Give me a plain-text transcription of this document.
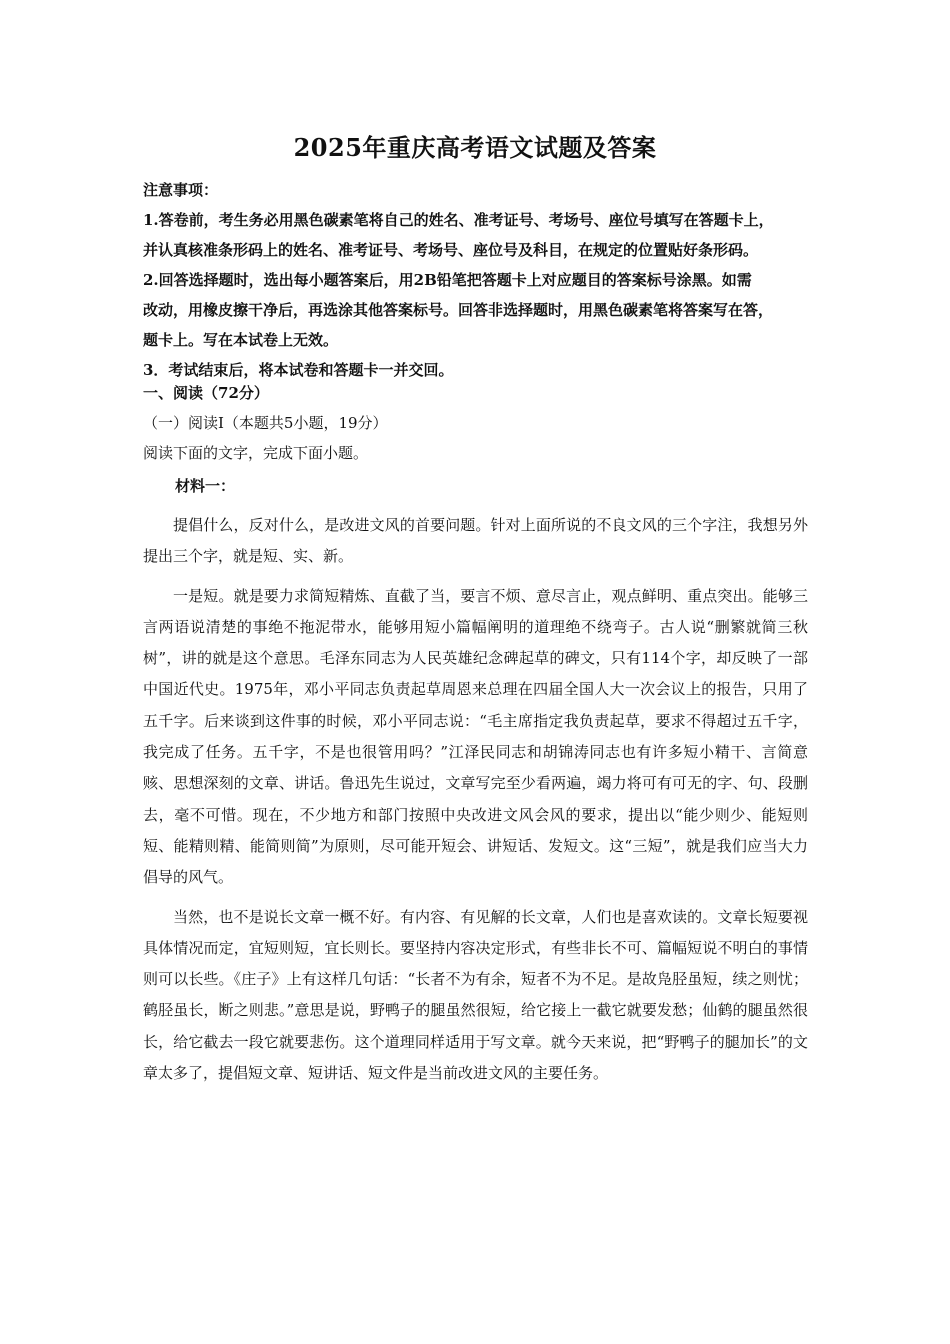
2025年重庆高考语文试题及答案
注意事项：
1.答卷前，考生务必用黑色碳素笔将自己的姓名、准考证号、考场号、座位号填写在答题卡上，
并认真核准条形码上的姓名、准考证号、考场号、座位号及科目，在规定的位置贴好条形码。
2.回答选择题时，选出每小题答案后，用2B铅笔把答题卡上对应题目的答案标号涂黑。如需
改动，用橡皮擦干净后，再选涂其他答案标号。回答非选择题时，用黑色碳素笔将答案写在答，
题卡上。写在本试卷上无效。
3．考试结束后，将本试卷和答题卡一并交回。
一、阅读（72分）
（一）阅读Ⅰ（本题共5小题，19分）
阅读下面的文字，完成下面小题。
材料一：

提倡什么，反对什么，是改进文风的首要问题。针对上面所说的不良文风的三个字注，我想另外提出三个字，就是短、实、新。

一是短。就是要力求简短精炼、直截了当，要言不烦、意尽言止，观点鲜明、重点突出。能够三言两语说清楚的事绝不拖泥带水，能够用短小篇幅阐明的道理绝不绕弯子。古人说“删繁就简三秋树”，讲的就是这个意思。毛泽东同志为人民英雄纪念碑起草的碑文，只有114个字，却反映了一部中国近代史。1975年，邓小平同志负责起草周恩来总理在四届全国人大一次会议上的报告，只用了五千字。后来谈到这件事的时候，邓小平同志说：“毛主席指定我负责起草，要求不得超过五千字，我完成了任务。五千字，不是也很管用吗？”江泽民同志和胡锦涛同志也有许多短小精干、言简意赅、思想深刻的文章、讲话。鲁迅先生说过，文章写完至少看两遍，竭力将可有可无的字、句、段删去，毫不可惜。现在，不少地方和部门按照中央改进文风会风的要求，提出以“能少则少、能短则短、能精则精、能简则简”为原则，尽可能开短会、讲短话、发短文。这“三短”，就是我们应当大力倡导的风气。

当然，也不是说长文章一概不好。有内容、有见解的长文章，人们也是喜欢读的。文章长短要视具体情况而定，宜短则短，宜长则长。要坚持内容决定形式，有些非长不可、篇幅短说不明白的事情则可以长些。《庄子》上有这样几句话：“长者不为有余，短者不为不足。是故凫胫虽短，续之则忧；鹤胫虽长，断之则悲。”意思是说，野鸭子的腿虽然很短，给它接上一截它就要发愁；仙鹤的腿虽然很长，给它截去一段它就要悲伤。这个道理同样适用于写文章。就今天来说，把“野鸭子的腿加长”的文章太多了，提倡短文章、短讲话、短文件是当前改进文风的主要任务。
